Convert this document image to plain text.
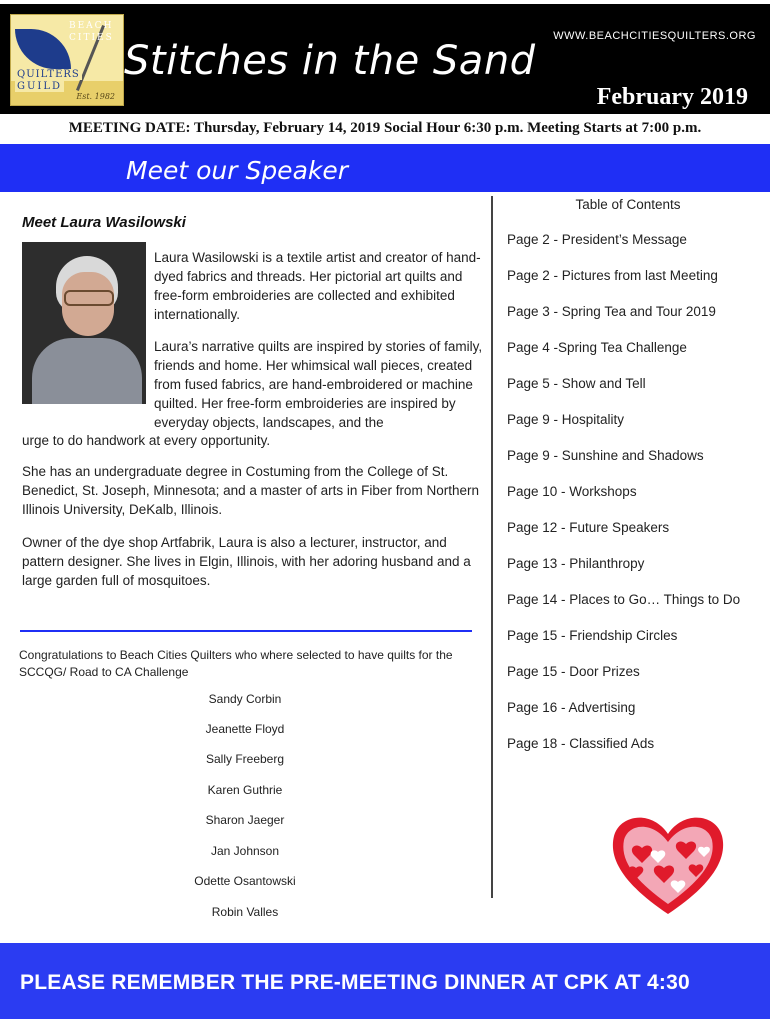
BEACH
CITIES
QUILTERS
GUILD
Est. 1982
WWW.BEACHCITIESQUILTERS.ORG
Stitches in the Sand
February 2019
MEETING DATE: Thursday, February 14, 2019 Social Hour 6:30 p.m. Meeting Starts at 7:00 p.m.
Meet our Speaker
Meet Laura Wasilowski
Laura Wasilowski is a textile artist and creator of hand-dyed fabrics and threads. Her pictorial art quilts and free-form embroideries are collected and exhibited internationally.
Laura’s narrative quilts are inspired by stories of family, friends and home. Her whimsical wall pieces, created from fused fabrics, are hand-embroidered or machine quilted. Her free-form embroideries are inspired by everyday objects, landscapes, and the
urge to do handwork at every opportunity.
She has an undergraduate degree in Costuming from the College of St. Benedict, St. Joseph, Minnesota; and a master of arts in Fiber from Northern Illinois University, DeKalb, Illinois.
Owner of the dye shop Artfabrik, Laura is also a lecturer, instructor, and pattern designer. She lives in Elgin, Illinois, with her adoring husband and a large garden full of mosquitoes.
Congratulations to Beach Cities Quilters who where selected to have quilts for the SCCQG/ Road to CA Challenge
Sandy Corbin
Jeanette Floyd
Sally Freeberg
Karen Guthrie
Sharon Jaeger
Jan Johnson
Odette Osantowski
Robin Valles
Table of Contents
Page 2 - President’s Message
Page 2 - Pictures from last Meeting
Page 3 - Spring Tea and Tour 2019
Page 4 -Spring Tea Challenge
Page 5 - Show and Tell
Page 9 - Hospitality
Page 9 - Sunshine and Shadows
Page 10 - Workshops
Page 12 - Future Speakers
Page 13 - Philanthropy
Page 14 - Places to Go… Things to Do
Page 15 - Friendship Circles
Page 15 - Door Prizes
Page 16 - Advertising
Page 18 - Classified Ads
PLEASE REMEMBER THE PRE-MEETING DINNER AT CPK AT 4:30
